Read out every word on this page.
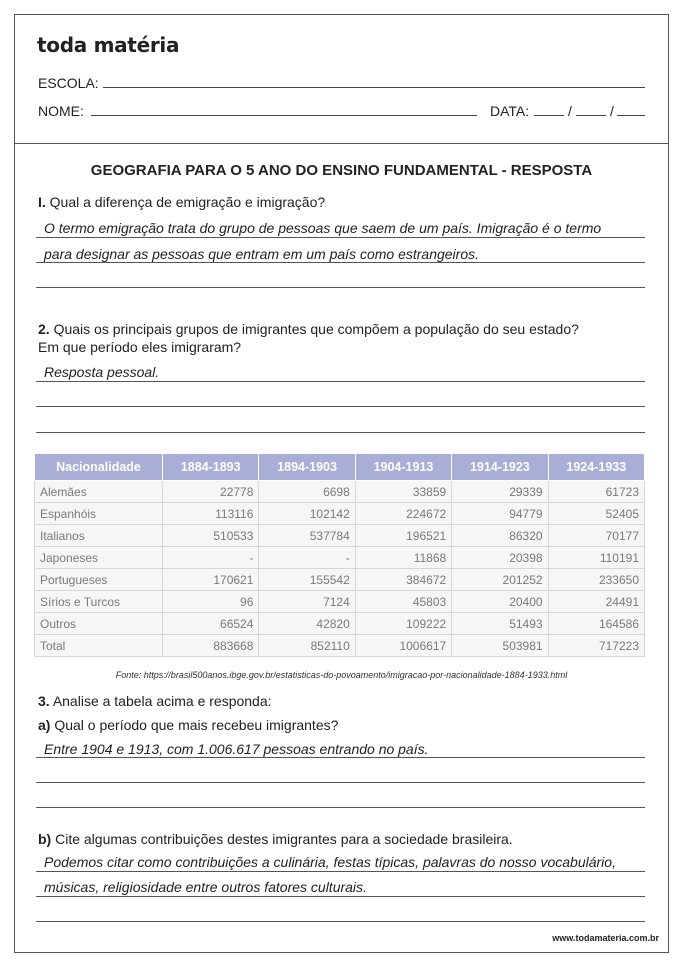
toda matéria
ESCOLA:
NOME:	DATA:	/	/
GEOGRAFIA PARA O 5 ANO DO ENSINO FUNDAMENTAL - RESPOSTA
I. Qual a diferença de emigração e imigração?
O termo emigração trata do grupo de pessoas que saem de um país. Imigração é o termo
para designar as pessoas que entram em um país como estrangeiros.
2. Quais os principais grupos de imigrantes que compõem a população do seu estado?
Em que período eles imigraram?
Resposta pessoal.
Nacionalidade	1884-1893	1894-1903	1904-1913	1914-1923	1924-1933
Alemães	22778	6698	33859	29339	61723
Espanhóis	113116	102142	224672	94779	52405
Italianos	510533	537784	196521	86320	70177
Japoneses	-	-	11868	20398	110191
Portugueses	170621	155542	384672	201252	233650
Sírios e Turcos	96	7124	45803	20400	24491
Outros	66524	42820	109222	51493	164586
Total	883668	852110	1006617	503981	717223
Fonte: https://brasil500anos.ibge.gov.br/estatisticas-do-povoamento/imigracao-por-nacionalidade-1884-1933.html
3. Analise a tabela acima e responda:
a) Qual o período que mais recebeu imigrantes?
Entre 1904 e 1913, com 1.006.617 pessoas entrando no país.
b) Cite algumas contribuições destes imigrantes para a sociedade brasileira.
Podemos citar como contribuições a culinária, festas típicas, palavras do nosso vocabulário,
músicas, religiosidade entre outros fatores culturais.
www.todamateria.com.br
